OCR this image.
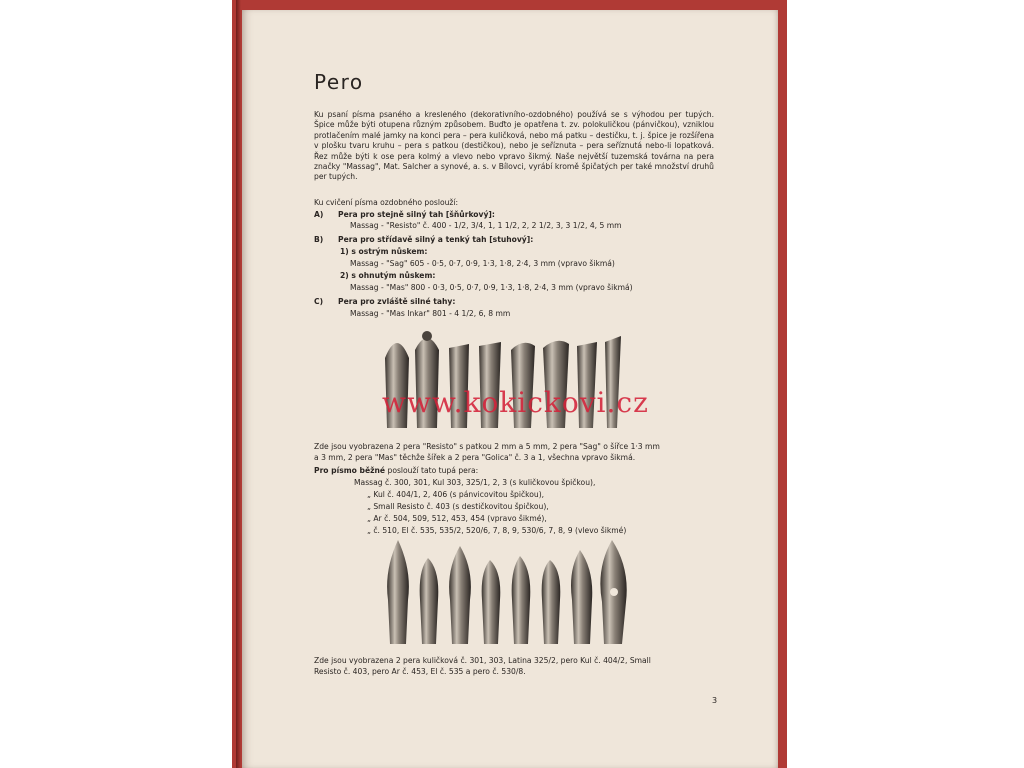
Pero
Ku psaní písma psaného a kresleného (dekorativního-ozdobného) používá se s výhodou per tupých. Špice může býti otupena různým způsobem. Buďto je opatřena t. zv. polokuličkou (pánvičkou), vzniklou protlačením malé jamky na konci pera – pera kuličková, nebo má patku – destičku, t. j. špice je rozšířena v plošku tvaru kruhu – pera s patkou (destičkou), nebo je seříznuta – pera seříznutá nebo-li lopatková. Řez může býti k ose pera kolmý a vlevo nebo vpravo šikmý. Naše největší tuzemská továrna na pera značky "Massag", Mat. Salcher a synové, a. s. v Bílovci, vyrábí kromě špičatých per také množství druhů per tupých.
Ku cvičení písma ozdobného poslouží:
A) Pera pro stejně silný tah [šňůrkový]:
Massag - "Resisto" č. 400 - 1/2, 3/4, 1, 1 1/2, 2, 2 1/2, 3, 3 1/2, 4, 5 mm
B) Pera pro střídavě silný a tenký tah [stuhový]:
1) s ostrým nůskem:
Massag - "Sag" 605 - 0·5, 0·7, 0·9, 1·3, 1·8, 2·4, 3 mm (vpravo šikmá)
2) s ohnutým nůskem:
Massag - "Mas" 800 - 0·3, 0·5, 0·7, 0·9, 1·3, 1·8, 2·4, 3 mm (vpravo šikmá)
C) Pera pro zvláště silné tahy:
Massag - "Mas Inkar" 801 - 4 1/2, 6, 8 mm
Zde jsou vyobrazena 2 pera "Resisto" s patkou 2 mm a 5 mm, 2 pera "Sag" o šířce 1·3 mm
a 3 mm, 2 pera "Mas" těchže šířek a 2 pera "Golica" č. 3 a 1, všechna vpravo šikmá.
Pro písmo běžné poslouží tato tupá pera:
Massag č. 300, 301, Kul 303, 325/1, 2, 3 (s kuličkovou špičkou),
„ Kul č. 404/1, 2, 406 (s pánvicovitou špičkou),
„ Small Resisto č. 403 (s destičkovitou špičkou),
„ Ar č. 504, 509, 512, 453, 454 (vpravo šikmé),
„ č. 510, El č. 535, 535/2, 520/6, 7, 8, 9, 530/6, 7, 8, 9 (vlevo šikmé)
Zde jsou vyobrazena 2 pera kuličková č. 301, 303, Latina 325/2, pero Kul č. 404/2, Small
Resisto č. 403, pero Ar č. 453, El č. 535 a pero č. 530/8.
3
www.kokickovi.cz
